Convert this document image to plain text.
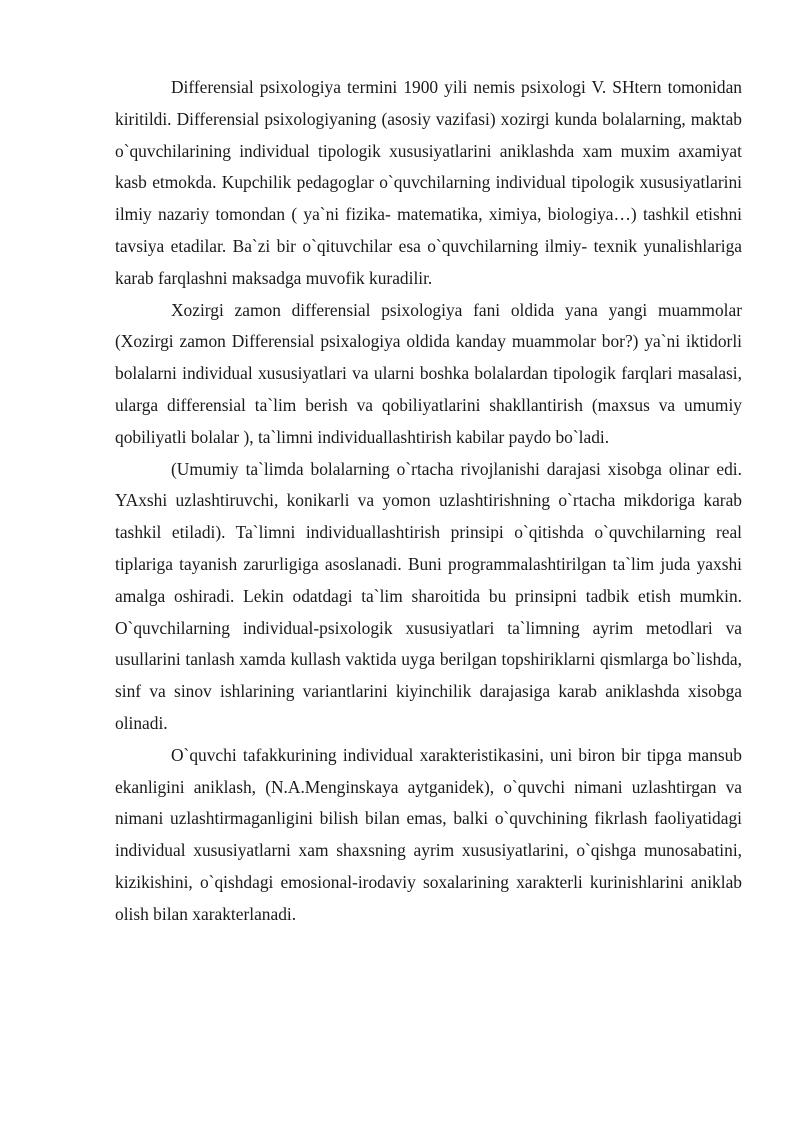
Differensial psixologiya termini 1900 yili nemis psixologi V. SHtern tomonidan kiritildi. Differensial psixologiyaning (asosiy vazifasi) xozirgi kunda bolalarning, maktab o`quvchilarining individual tipologik xususiyatlarini aniklashda xam muxim axamiyat kasb etmokda. Kupchilik pedagoglar o`quvchilarning individual tipologik xususiyatlarini ilmiy nazariy tomondan ( ya`ni fizika- matematika, ximiya, biologiya…) tashkil etishni tavsiya etadilar. Ba`zi bir o`qituvchilar esa o`quvchilarning ilmiy- texnik yunalishlariga karab farqlashni maksadga muvofik kuradilir.

Xozirgi zamon differensial psixologiya fani oldida yana yangi muammolar (Xozirgi zamon Differensial psixalogiya oldida kanday muammolar bor?) ya`ni iktidorli bolalarni individual xususiyatlari va ularni boshka bolalardan tipologik farqlari masalasi, ularga differensial ta`lim berish va qobiliyatlarini shakllantirish (maxsus va umumiy qobiliyatli bolalar ), ta`limni individuallashtirish kabilar paydo bo`ladi.

(Umumiy ta`limda bolalarning o`rtacha rivojlanishi darajasi xisobga olinar edi. YAxshi uzlashtiruvchi, konikarli va yomon uzlashtirishning o`rtacha mikdoriga karab tashkil etiladi). Ta`limni individuallashtirish prinsipi o`qitishda o`quvchilarning real tiplariga tayanish zarurligiga asoslanadi. Buni programmalashtirilgan ta`lim juda yaxshi amalga oshiradi. Lekin odatdagi ta`lim sharoitida bu prinsipni tadbik etish mumkin. O`quvchilarning individual-psixologik xususiyatlari ta`limning ayrim metodlari va usullarini tanlash xamda kullash vaktida uyga berilgan topshiriklarni qismlarga bo`lishda, sinf va sinov ishlarining variantlarini kiyinchilik darajasiga karab aniklashda xisobga olinadi.

O`quvchi tafakkurining individual xarakteristikasini, uni biron bir tipga mansub ekanligini aniklash, (N.A.Menginskaya aytganidek), o`quvchi nimani uzlashtirgan va nimani uzlashtirmaganligini bilish bilan emas, balki o`quvchining fikrlash faoliyatidagi individual xususiyatlarni xam shaxsning ayrim xususiyatlarini, o`qishga munosabatini, kizikishini, o`qishdagi emosional-irodaviy soxalarining xarakterli kurinishlarini aniklab olish bilan xarakterlanadi.
